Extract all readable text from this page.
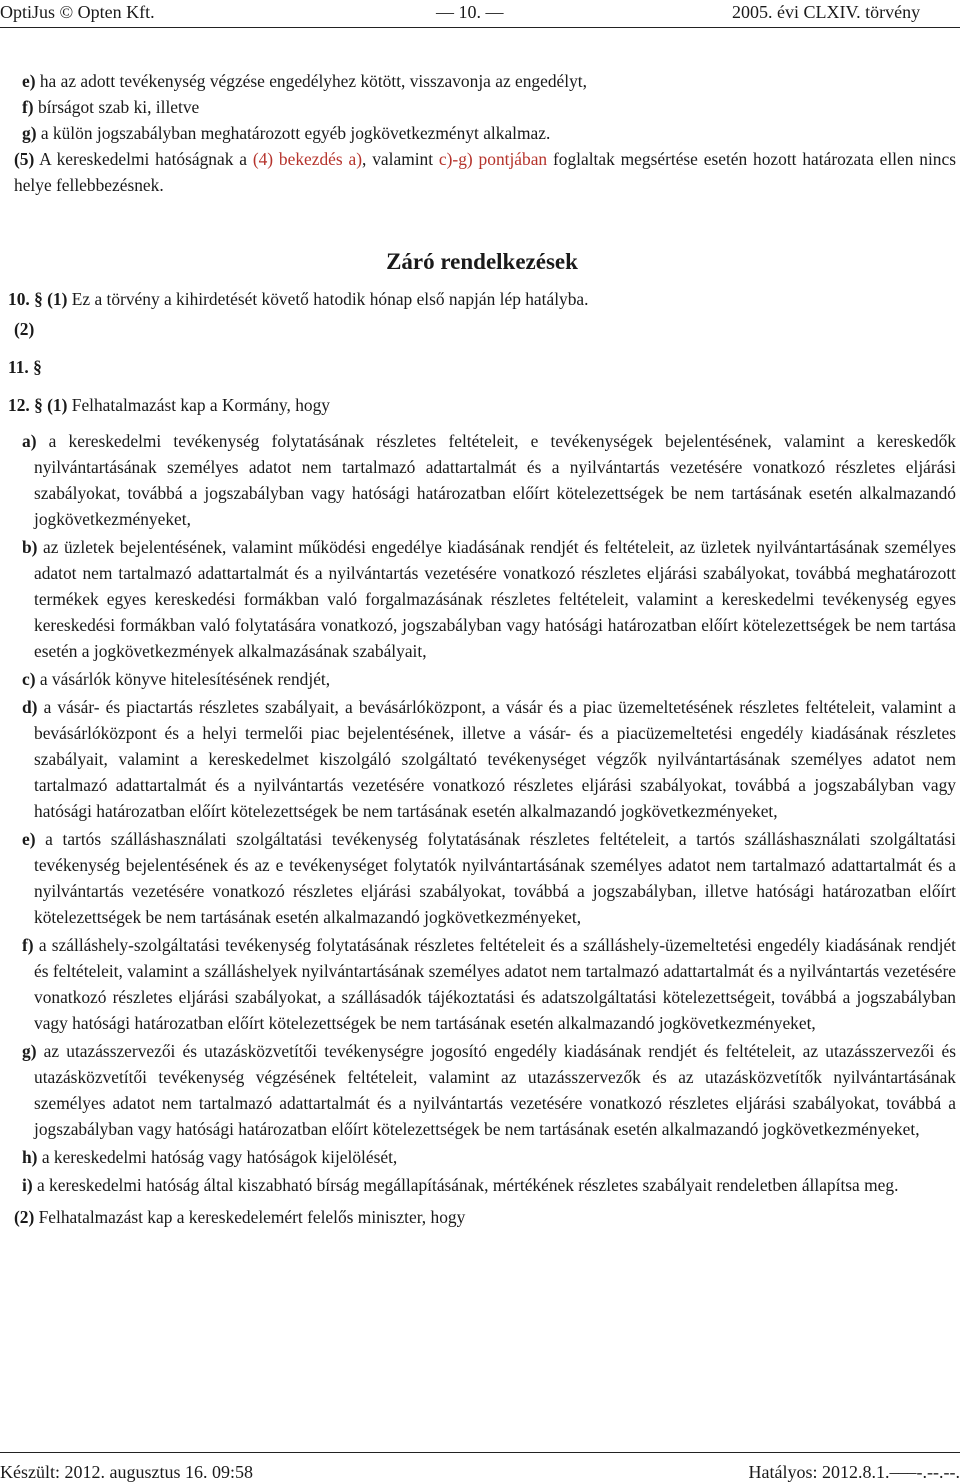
OptiJus © Opten Kft.	— 10. —	2005. évi CLXIV. törvény

e) ha az adott tevékenység végzése engedélyhez kötött, visszavonja az engedélyt,

f) bírságot szab ki, illetve

g) a külön jogszabályban meghatározott egyéb jogkövetkezményt alkalmaz.

(5) A kereskedelmi hatóságnak a (4) bekezdés a), valamint c)-g) pontjában foglaltak megsértése esetén hozott határozata ellen nincs helye fellebbezésnek.

Záró rendelkezések

10. § (1) Ez a törvény a kihirdetését követő hatodik hónap első napján lép hatályba.

(2)

11. §

12. § (1) Felhatalmazást kap a Kormány, hogy

a) a kereskedelmi tevékenység folytatásának részletes feltételeit, e tevékenységek bejelentésének, valamint a kereskedők nyilvántartásának személyes adatot nem tartalmazó adattartalmát és a nyilvántartás vezetésére vonatkozó részletes eljárási szabályokat, továbbá a jogszabályban vagy hatósági határozatban előírt kötelezettségek be nem tartásának esetén alkalmazandó jogkövetkezményeket,

b) az üzletek bejelentésének, valamint működési engedélye kiadásának rendjét és feltételeit, az üzletek nyilvántartásának személyes adatot nem tartalmazó adattartalmát és a nyilvántartás vezetésére vonatkozó részletes eljárási szabályokat, továbbá meghatározott termékek egyes kereskedési formákban való forgalmazásának részletes feltételeit, valamint a kereskedelmi tevékenység egyes kereskedési formákban való folytatására vonatkozó, jogszabályban vagy hatósági határozatban előírt kötelezettségek be nem tartása esetén a jogkövetkezmények alkalmazásának szabályait,

c) a vásárlók könyve hitelesítésének rendjét,

d) a vásár- és piactartás részletes szabályait, a bevásárlóközpont, a vásár és a piac üzemeltetésének részletes feltételeit, valamint a bevásárlóközpont és a helyi termelői piac bejelentésének, illetve a vásár- és a piacüzemeltetési engedély kiadásának részletes szabályait, valamint a kereskedelmet kiszolgáló szolgáltató tevékenységet végzők nyilvántartásának személyes adatot nem tartalmazó adattartalmát és a nyilvántartás vezetésére vonatkozó részletes eljárási szabályokat, továbbá a jogszabályban vagy hatósági határozatban előírt kötelezettségek be nem tartásának esetén alkalmazandó jogkövetkezményeket,

e) a tartós szálláshasználati szolgáltatási tevékenység folytatásának részletes feltételeit, a tartós szálláshasználati szolgáltatási tevékenység bejelentésének és az e tevékenységet folytatók nyilvántartásának személyes adatot nem tartalmazó adattartalmát és a nyilvántartás vezetésére vonatkozó részletes eljárási szabályokat, továbbá a jogszabályban, illetve hatósági határozatban előírt kötelezettségek be nem tartásának esetén alkalmazandó jogkövetkezményeket,

f) a szálláshely-szolgáltatási tevékenység folytatásának részletes feltételeit és a szálláshely-üzemeltetési engedély kiadásának rendjét és feltételeit, valamint a szálláshelyek nyilvántartásának személyes adatot nem tartalmazó adattartalmát és a nyilvántartás vezetésére vonatkozó részletes eljárási szabályokat, a szállásadók tájékoztatási és adatszolgáltatási kötelezettségeit, továbbá a jogszabályban vagy hatósági határozatban előírt kötelezettségek be nem tartásának esetén alkalmazandó jogkövetkezményeket,

g) az utazásszervezői és utazásközvetítői tevékenységre jogosító engedély kiadásának rendjét és feltételeit, az utazásszervezői és utazásközvetítői tevékenység végzésének feltételeit, valamint az utazásszervezők és az utazásközvetítők nyilvántartásának személyes adatot nem tartalmazó adattartalmát és a nyilvántartás vezetésére vonatkozó részletes eljárási szabályokat, továbbá a jogszabályban vagy hatósági határozatban előírt kötelezettségek be nem tartásának esetén alkalmazandó jogkövetkezményeket,

h) a kereskedelmi hatóság vagy hatóságok kijelölését,

i) a kereskedelmi hatóság által kiszabható bírság megállapításának, mértékének részletes szabályait rendeletben állapítsa meg.

(2) Felhatalmazást kap a kereskedelemért felelős miniszter, hogy

Készült: 2012. augusztus 16. 09:58	Hatályos: 2012.8.1.–––-.--.--.
